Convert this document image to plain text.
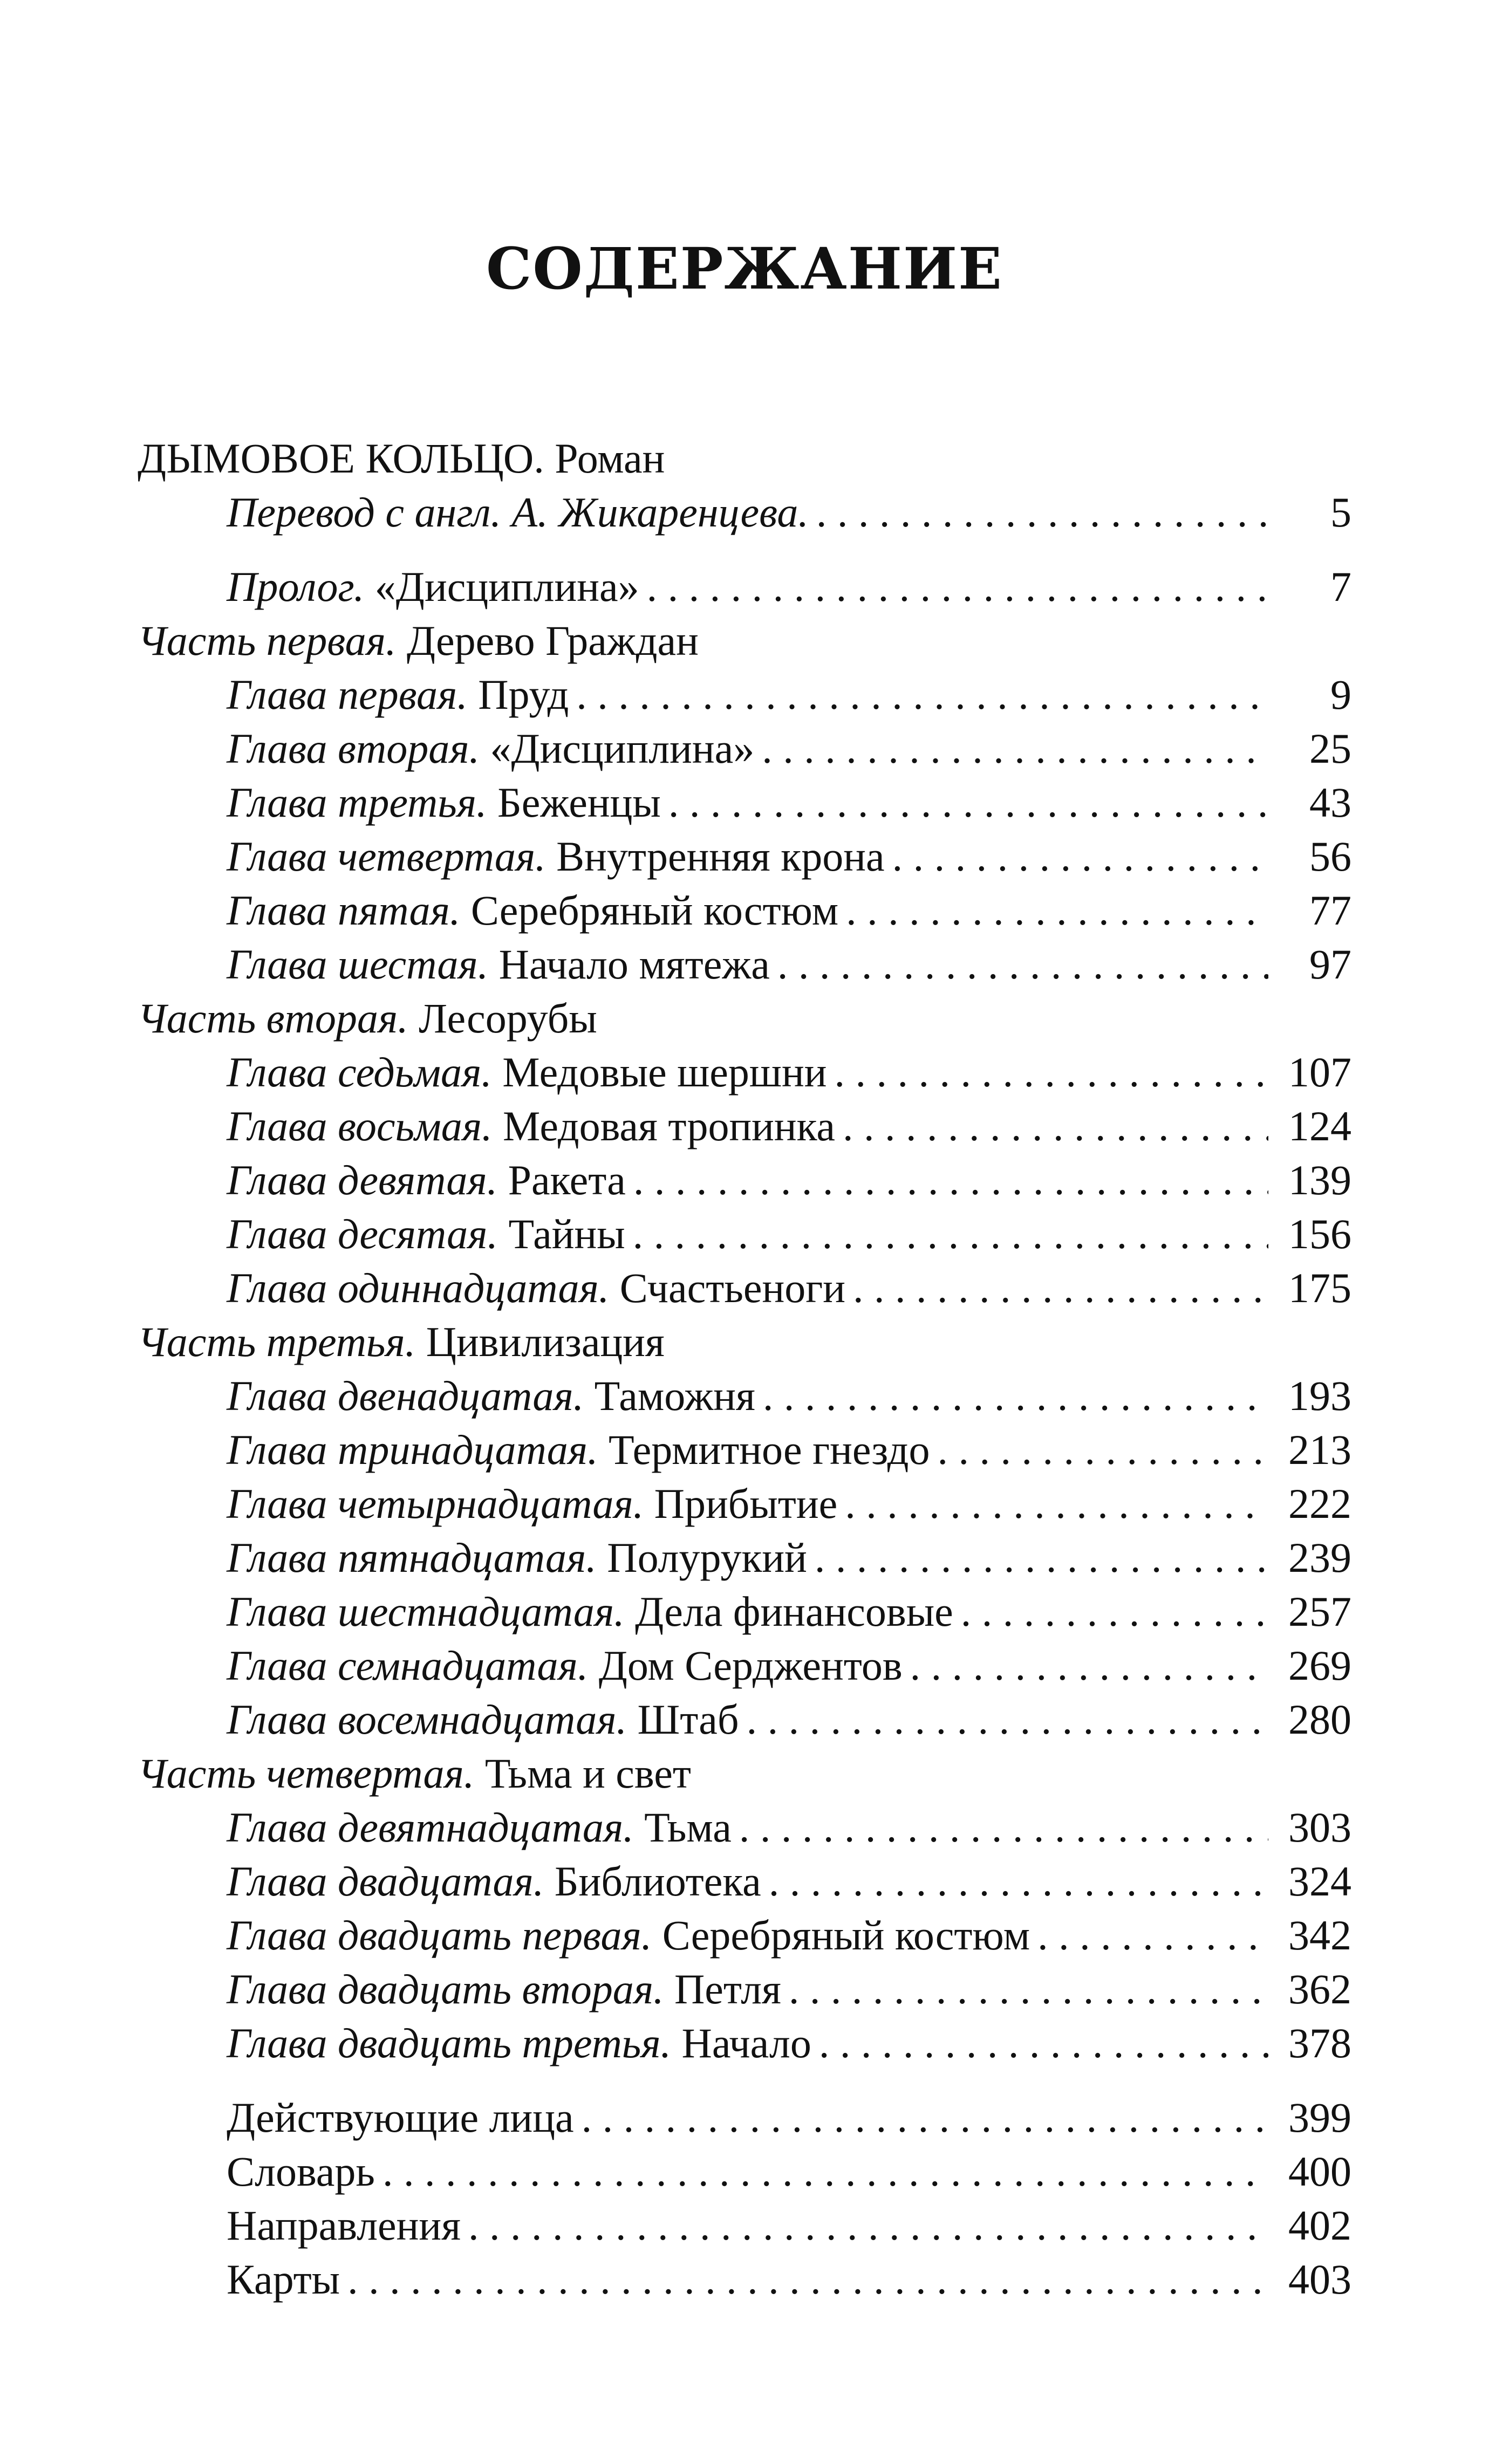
СОДЕРЖАНИЕ
ДЫМОВОЕ КОЛЬЦО. Роман
Перевод с англ. А. Жикаренцева. . . .	5
Пролог. «Дисциплина» . . .	7
Часть первая. Дерево Граждан
Глава первая. Пруд . . .	9
Глава вторая. «Дисциплина» . . .	25
Глава третья. Беженцы . . .	43
Глава четвертая. Внутренняя крона . . .	56
Глава пятая. Серебряный костюм . . .	77
Глава шестая. Начало мятежа . . .	97
Часть вторая. Лесорубы
Глава седьмая. Медовые шершни . . .	107
Глава восьмая. Медовая тропинка . . .	124
Глава девятая. Ракета . . .	139
Глава десятая. Тайны . . .	156
Глава одиннадцатая. Счастьеноги . . .	175
Часть третья. Цивилизация
Глава двенадцатая. Таможня . . .	193
Глава тринадцатая. Термитное гнездо . . .	213
Глава четырнадцатая. Прибытие . . .	222
Глава пятнадцатая. Полурукий . . .	239
Глава шестнадцатая. Дела финансовые . . .	257
Глава семнадцатая. Дом Серджентов . . .	269
Глава восемнадцатая. Штаб . . .	280
Часть четвертая. Тьма и свет
Глава девятнадцатая. Тьма . . .	303
Глава двадцатая. Библиотека . . .	324
Глава двадцать первая. Серебряный костюм . . .	342
Глава двадцать вторая. Петля . . .	362
Глава двадцать третья. Начало . . .	378
Действующие лица . . .	399
Словарь . . .	400
Направления . . .	402
Карты . . .	403
